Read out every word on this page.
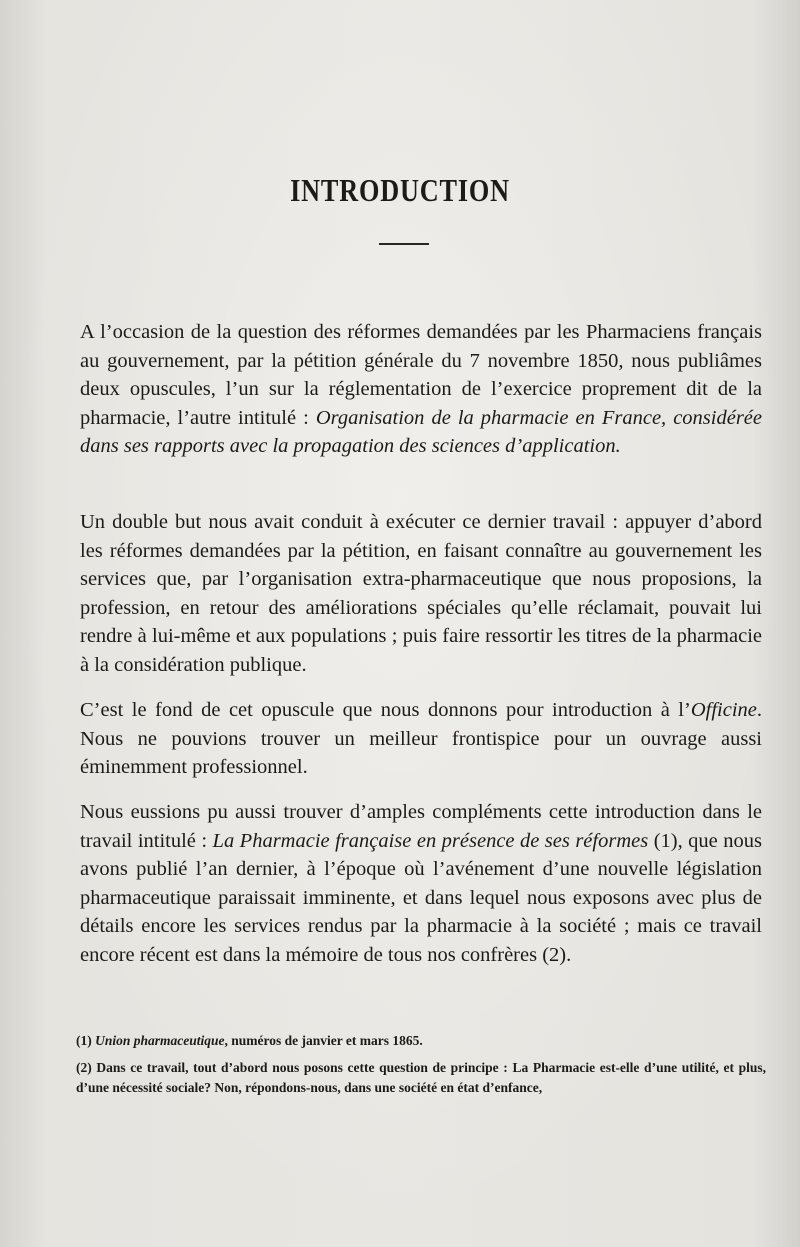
INTRODUCTION

A l’occasion de la question des réformes demandées par les Pharmaciens français au gouvernement, par la pétition générale du 7 novembre 1850, nous publiâmes deux opuscules, l’un sur la réglementation de l’exercice proprement dit de la pharmacie, l’autre intitulé : Organisation de la pharmacie en France, considérée dans ses rapports avec la propagation des sciences d’application.

Un double but nous avait conduit à exécuter ce dernier travail : appuyer d’abord les réformes demandées par la pétition, en faisant connaître au gouvernement les services que, par l’organisation extra-pharmaceutique que nous proposions, la profession, en retour des améliorations spéciales qu’elle réclamait, pouvait lui rendre à lui-même et aux populations ; puis faire ressortir les titres de la pharmacie à la considération publique.

C’est le fond de cet opuscule que nous donnons pour introduction à l’Officine. Nous ne pouvions trouver un meilleur frontispice pour un ouvrage aussi éminemment professionnel.

Nous eussions pu aussi trouver d’amples compléments cette introduction dans le travail intitulé : La Pharmacie française en présence de ses réformes (1), que nous avons publié l’an dernier, à l’époque où l’avénement d’une nouvelle législation pharmaceutique paraissait imminente, et dans lequel nous exposons avec plus de détails encore les services rendus par la pharmacie à la société ; mais ce travail encore récent est dans la mémoire de tous nos confrères (2).

(1) Union pharmaceutique, numéros de janvier et mars 1865.

(2) Dans ce travail, tout d’abord nous posons cette question de principe : La Pharmacie est-elle d’une utilité, et plus, d’une nécessité sociale? Non, répondons-nous, dans une société en état d’enfance,
